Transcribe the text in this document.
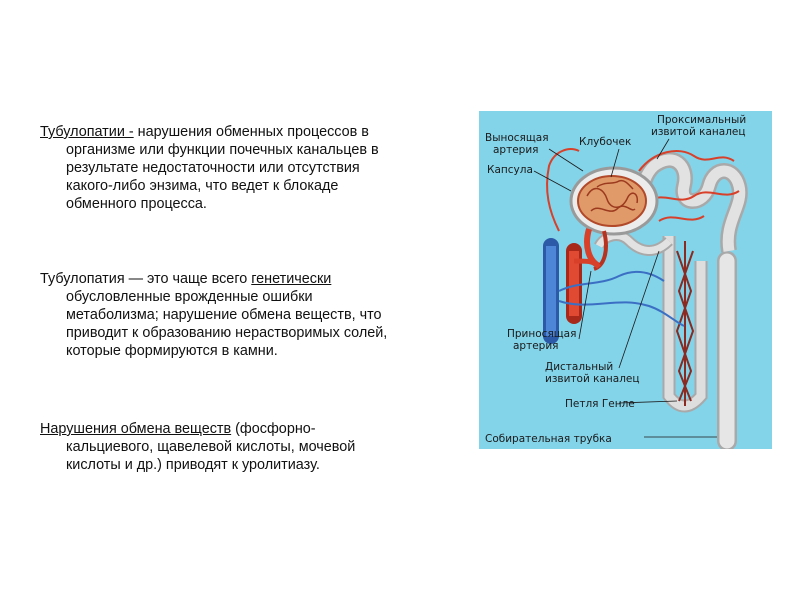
Тубулопатии - нарушения обменных процессов в
организме или функции почечных канальцев в
результате недостаточности или отсутствия
какого-либо энзима, что ведет к блокаде
обменного процесса.
Тубулопатия — это чаще всего генетически
обусловленные врожденные ошибки
метаболизма; нарушение обмена веществ, что
приводит к образованию нерастворимых солей,
которые формируются в камни.
Нарушения обмена веществ (фосфорно-
кальциевого, щавелевой кислоты, мочевой
кислоты и др.) приводят к уролитиазу.
Выносящая
артерия
Клубочек
Проксимальный
извитой каналец
Капсула
Приносящая
артерия
Дистальный
извитой каналец
Петля Генле
Собирательная трубка
